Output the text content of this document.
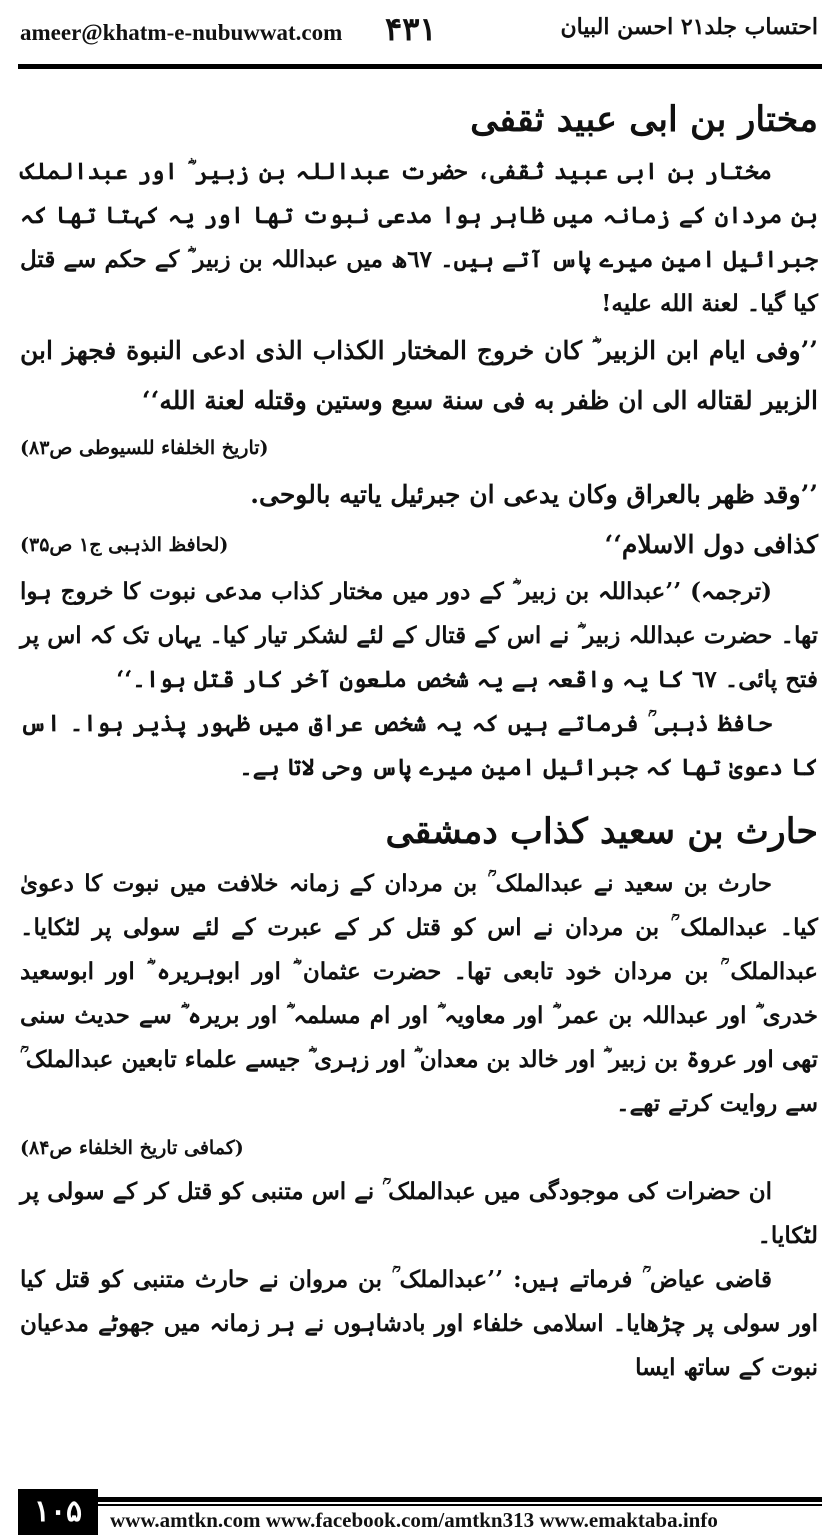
ameer@khatm-e-nubuwwat.com ۴۳۱	احتساب جلد۲۱ احسن البیان
مختار بن ابی عبید ثقفی

مختار بن ابی عبید ثقفی، حضرت عبداللہ بن زبیر ؓ اور عبدالملک بن مردان کے زمانہ میں ظاہر ہوا مدعی نبوت تھا اور یہ کہتا تھا کہ جبرائیل امین میرے پاس آتے ہیں۔ ٦٧ھ میں عبداللہ بن زبیر ؓ کے حکم سے قتل کیا گیا۔ لعنة الله عليه!

’’وفی ایام ابن الزبیر ؓ کان خروج المختار الکذاب الذی ادعی النبوة فجهز ابن الزبیر لقتاله الی ان ظفر به فی سنة سبع وستین وقتله لعنة الله‘‘

(تاریخ الخلفاء للسیوطی ص۸۳)

’’وقد ظهر بالعراق وکان یدعی ان جبرئیل یاتیه بالوحی.

کذافی دول الاسلام‘‘
(لحافظ الذہبی ج۱ ص۳۵)

(ترجمہ) ’’عبداللہ بن زبیر ؓ کے دور میں مختار کذاب مدعی نبوت کا خروج ہوا تھا۔ حضرت عبداللہ زبیر ؓ نے اس کے قتال کے لئے لشکر تیار کیا۔ یہاں تک کہ اس پر فتح پائی۔ ٦٧ کا یہ واقعہ ہے یہ شخص ملعون آخر کار قتل ہوا۔‘‘

حافظ ذہبی ؒ فرماتے ہیں کہ یہ شخص عراق میں ظہور پذیر ہوا۔ اس کا دعویٰ تھا کہ جبرائیل امین میرے پاس وحی لاتا ہے۔

حارث بن سعید کذاب دمشقی

حارث بن سعید نے عبدالملک ؒ بن مردان کے زمانہ خلافت میں نبوت کا دعویٰ کیا۔ عبدالملک ؒ بن مردان نے اس کو قتل کر کے عبرت کے لئے سولی پر لٹکایا۔ عبدالملک ؒ بن مردان خود تابعی تھا۔ حضرت عثمان ؓ اور ابوہریرہ ؓ اور ابوسعید خدری ؓ اور عبداللہ بن عمر ؓ اور معاویہ ؓ اور ام مسلمہ ؓ اور بریرہ ؓ سے حدیث سنی تھی اور عروۃ بن زبیر ؓ اور خالد بن معدان ؓ اور زہری ؓ جیسے علماء تابعین عبدالملک ؒ سے روایت کرتے تھے۔

(کمافی تاریخ الخلفاء ص۸۴)

ان حضرات کی موجودگی میں عبدالملک ؒ نے اس متنبی کو قتل کر کے سولی پر لٹکایا۔

قاضی عیاض ؒ فرماتے ہیں: ’’عبدالملک ؒ بن مروان نے حارث متنبی کو قتل کیا اور سولی پر چڑھایا۔ اسلامی خلفاء اور بادشاہوں نے ہر زمانہ میں جھوٹے مدعیان نبوت کے ساتھ ایسا

۱۰۵	www.amtkn.com www.facebook.com/amtkn313 www.emaktaba.info
